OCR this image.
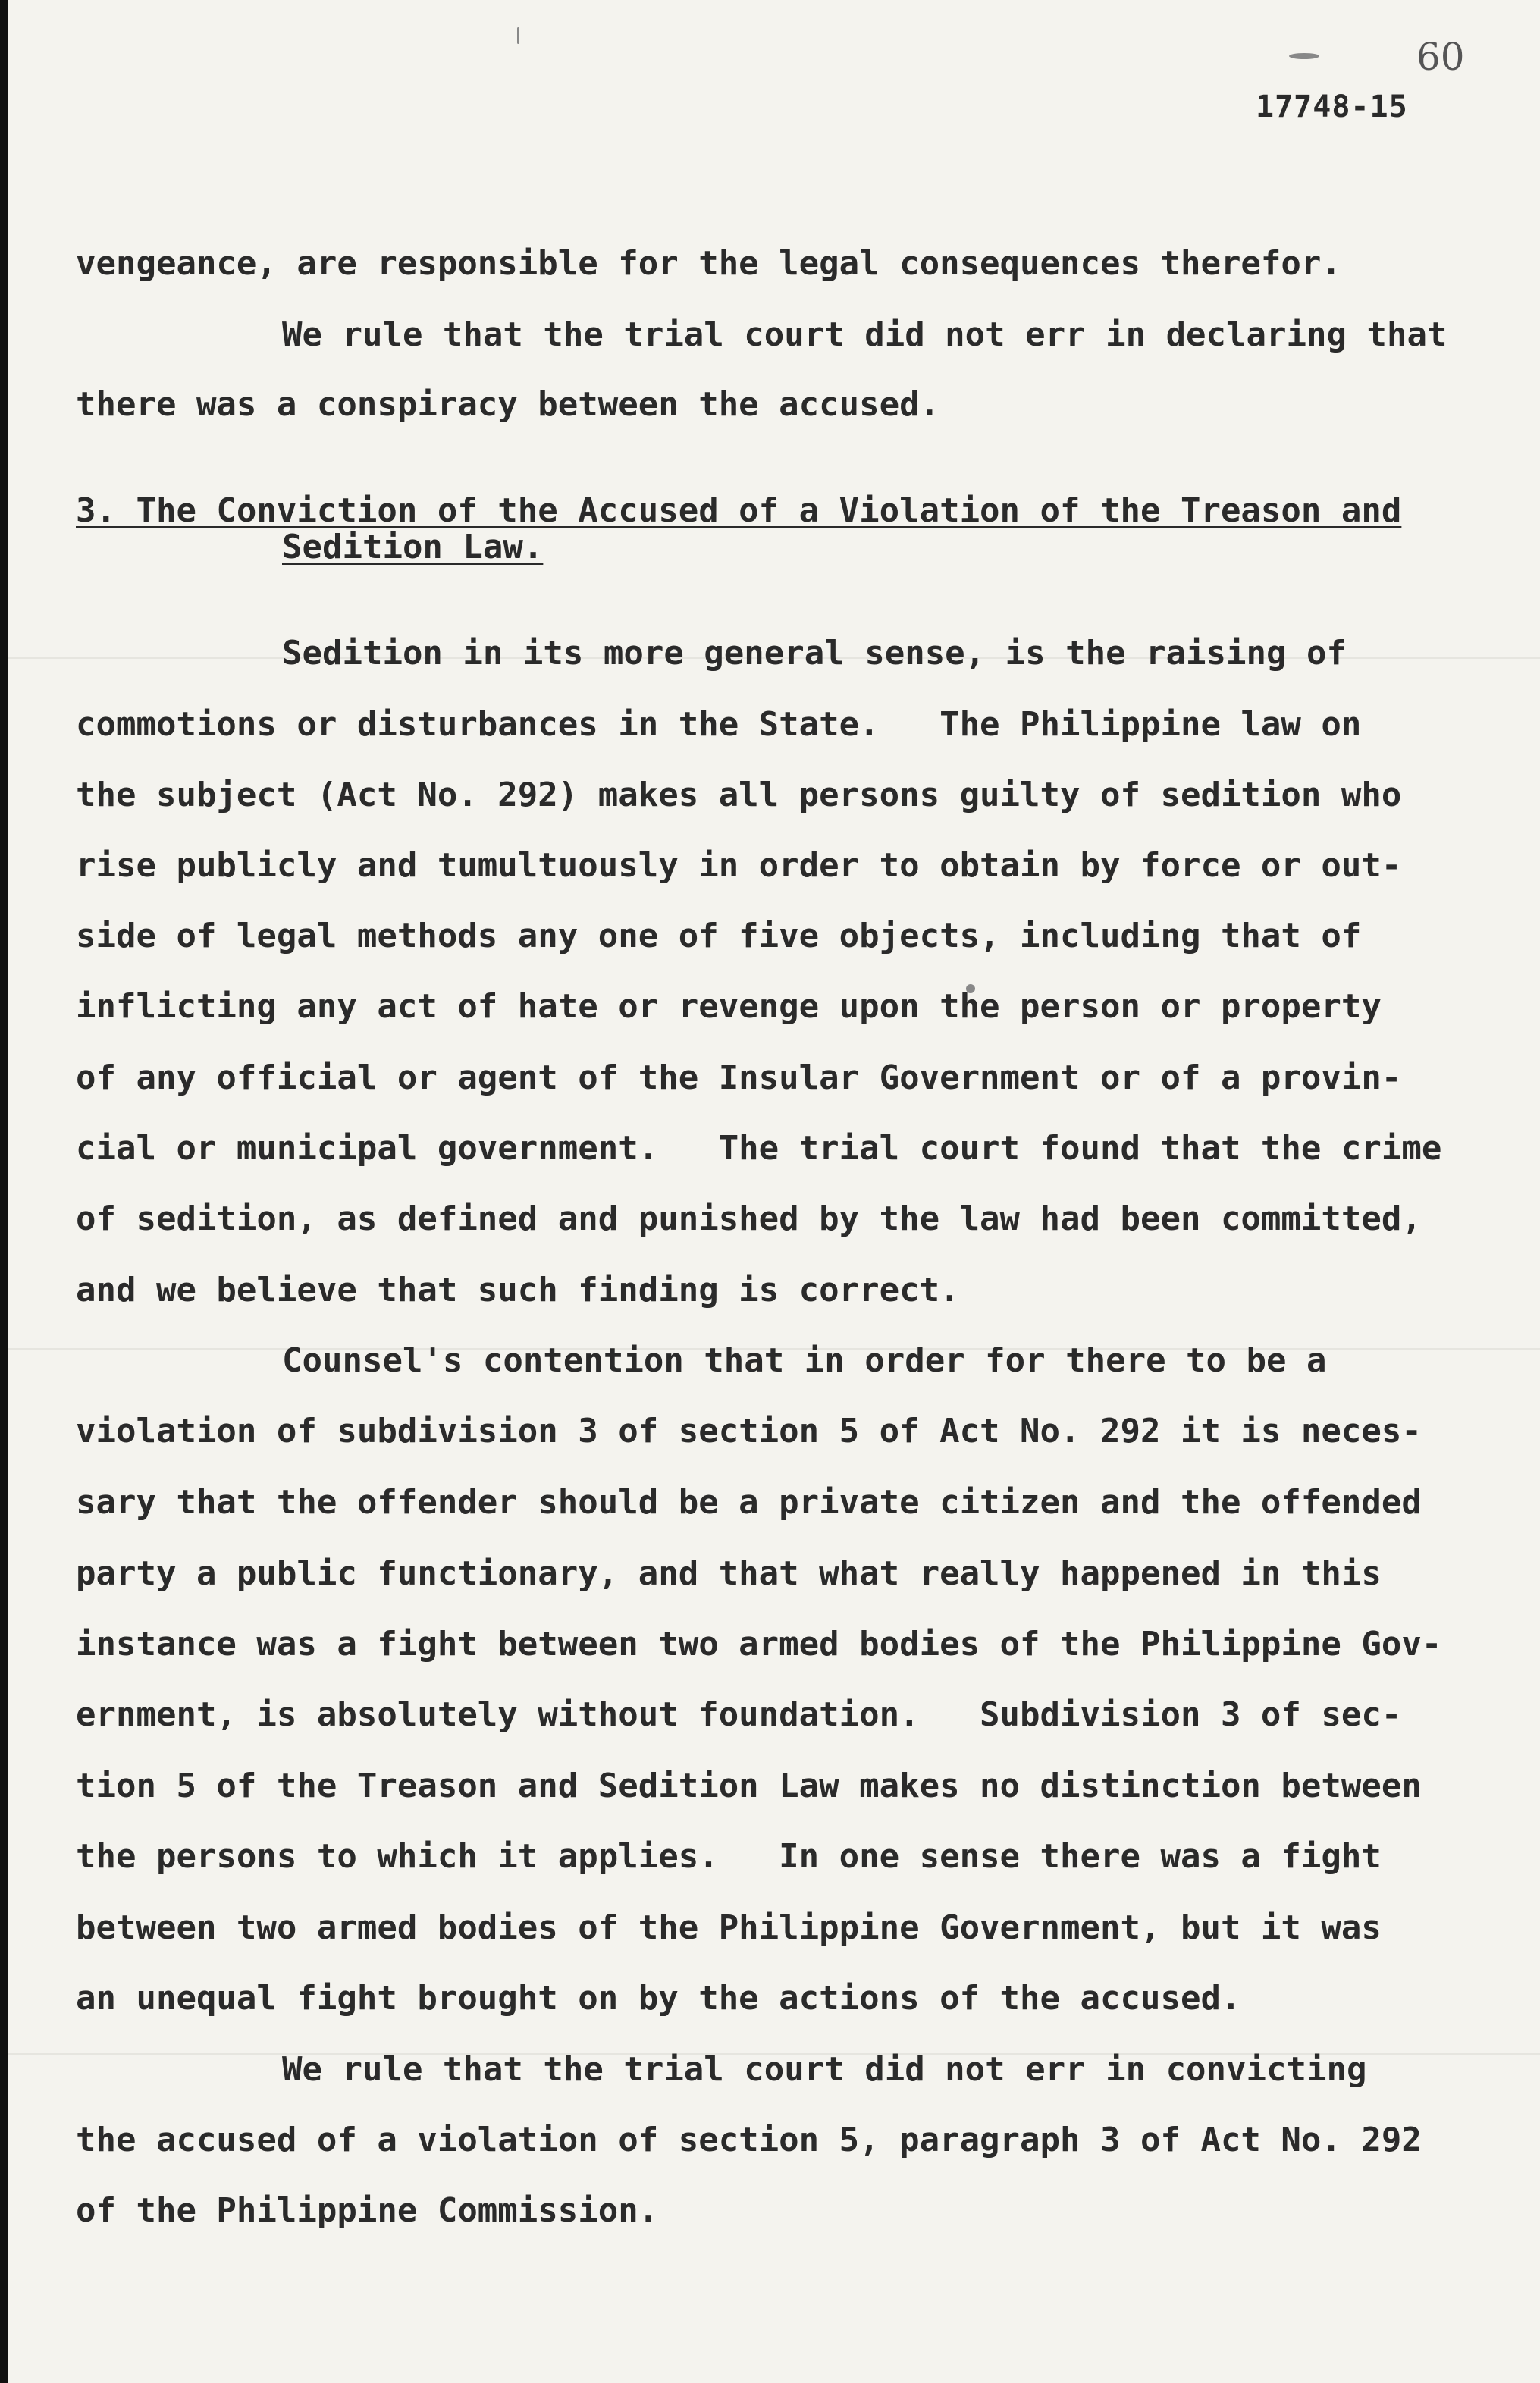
60
17748-15
vengeance, are responsible for the legal consequences therefor.
We rule that the trial court did not err in declaring that
there was a conspiracy between the accused.
3. The Conviction of the Accused of a Violation of the Treason and
Sedition Law.
Sedition in its more general sense, is the raising of
commotions or disturbances in the State.   The Philippine law on
the subject (Act No. 292) makes all persons guilty of sedition who
rise publicly and tumultuously in order to obtain by force or out-
side of legal methods any one of five objects, including that of
inflicting any act of hate or revenge upon the person or property
of any official or agent of the Insular Government or of a provin-
cial or municipal government.   The trial court found that the crime
of sedition, as defined and punished by the law had been committed,
and we believe that such finding is correct.
Counsel's contention that in order for there to be a
violation of subdivision 3 of section 5 of Act No. 292 it is neces-
sary that the offender should be a private citizen and the offended
party a public functionary, and that what really happened in this
instance was a fight between two armed bodies of the Philippine Gov-
ernment, is absolutely without foundation.   Subdivision 3 of sec-
tion 5 of the Treason and Sedition Law makes no distinction between
the persons to which it applies.   In one sense there was a fight
between two armed bodies of the Philippine Government, but it was
an unequal fight brought on by the actions of the accused.
We rule that the trial court did not err in convicting
the accused of a violation of section 5, paragraph 3 of Act No. 292
of the Philippine Commission.
